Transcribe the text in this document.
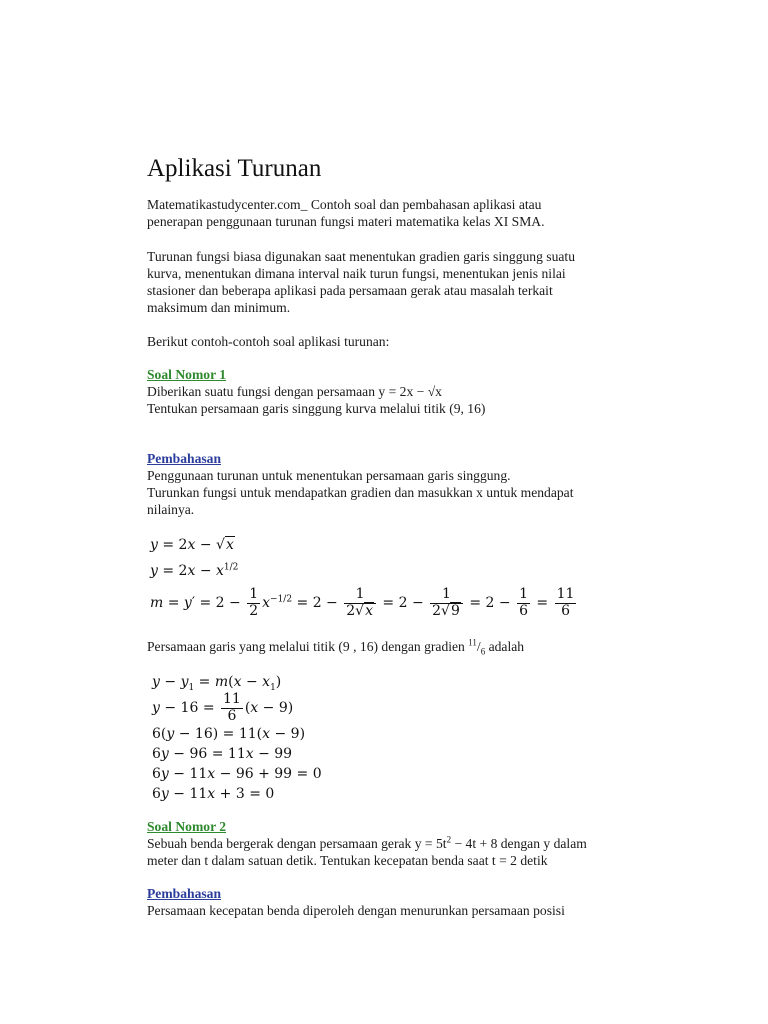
Aplikasi Turunan

Matematikastudycenter.com_ Contoh soal dan pembahasan aplikasi atau

penerapan penggunaan turunan fungsi materi matematika kelas XI SMA.

Turunan fungsi biasa digunakan saat menentukan gradien garis singgung suatu

kurva, menentukan dimana interval naik turun fungsi, menentukan jenis nilai

stasioner dan beberapa aplikasi pada persamaan gerak atau masalah terkait

maksimum dan minimum.

Berikut contoh-contoh soal aplikasi turunan:

Soal Nomor 1

Diberikan suatu fungsi dengan persamaan y = 2x − √x

Tentukan persamaan garis singgung kurva melalui titik (9, 16)

Pembahasan

Penggunaan turunan untuk menentukan persamaan garis singgung.

Turunkan fungsi untuk mendapatkan gradien dan masukkan x untuk mendapat

nilainya.

y = 2x − √x
$y = 2x - x^{1/2}$
$m = y' = 2 - \frac{1}{2} x^{-1/2} = 2 - \frac{1}{2√x} = 2 - \frac{1}{2√9} = 2 - \frac{1}{6} = \frac{11}{6}$

Persamaan garis yang melalui titik (9 , 16) dengan gradien $^{11}/_6$ adalah

$y - y_1 = m(x - x_1)$
$y - 16 = \frac{11}{6} (x - 9)$
6(y − 16) = 11(x − 9)
6y − 96 = 11x − 99
6y − 11x − 96 + 99 = 0
6y − 11x + 3 = 0

Soal Nomor 2

Sebuah benda bergerak dengan persamaan gerak $y = 5t^2 - 4t + 8$ dengan y dalam

meter dan t dalam satuan detik. Tentukan kecepatan benda saat t = 2 detik

Pembahasan

Persamaan kecepatan benda diperoleh dengan menurunkan persamaan posisi
